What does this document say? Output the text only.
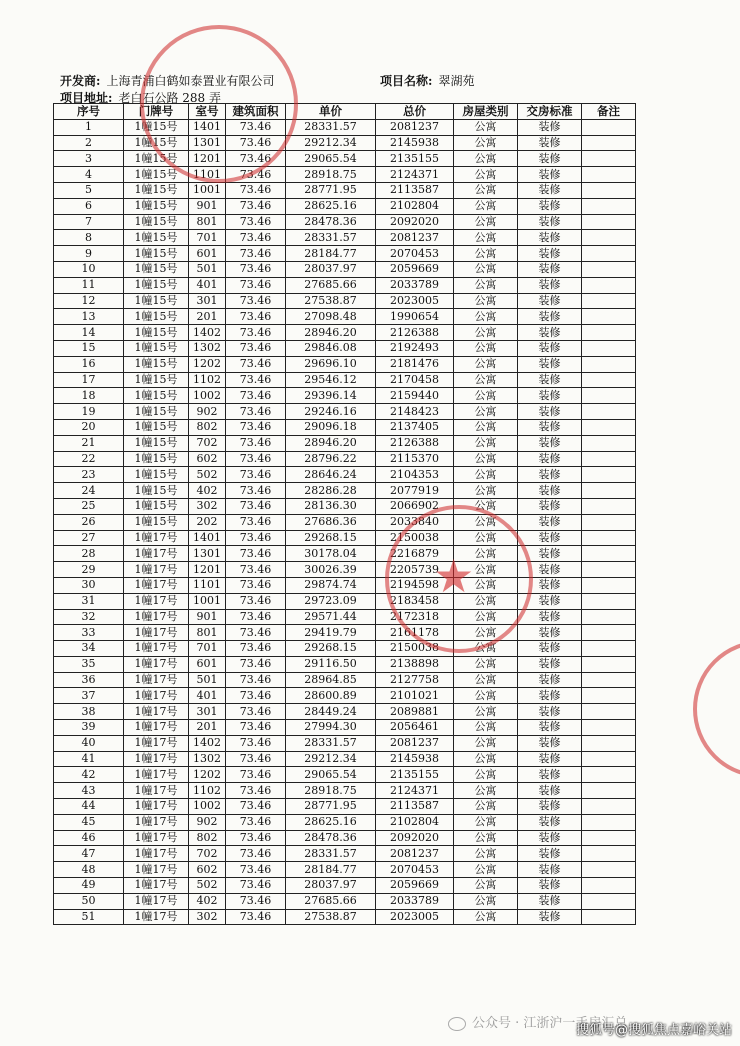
开发商: 上海青浦白鹤如泰置业有限公司	项目名称: 翠湖苑
项目地址: 老白石公路 288 弄
序号	门牌号	室号	建筑面积	单价	总价	房屋类别	交房标准	备注
1	1幢15号	1401	73.46	28331.57	2081237	公寓	装修	
2	1幢15号	1301	73.46	29212.34	2145938	公寓	装修	
3	1幢15号	1201	73.46	29065.54	2135155	公寓	装修	
4	1幢15号	1101	73.46	28918.75	2124371	公寓	装修	
5	1幢15号	1001	73.46	28771.95	2113587	公寓	装修	
6	1幢15号	901	73.46	28625.16	2102804	公寓	装修	
7	1幢15号	801	73.46	28478.36	2092020	公寓	装修	
8	1幢15号	701	73.46	28331.57	2081237	公寓	装修	
9	1幢15号	601	73.46	28184.77	2070453	公寓	装修	
10	1幢15号	501	73.46	28037.97	2059669	公寓	装修	
11	1幢15号	401	73.46	27685.66	2033789	公寓	装修	
12	1幢15号	301	73.46	27538.87	2023005	公寓	装修	
13	1幢15号	201	73.46	27098.48	1990654	公寓	装修	
14	1幢15号	1402	73.46	28946.20	2126388	公寓	装修	
15	1幢15号	1302	73.46	29846.08	2192493	公寓	装修	
16	1幢15号	1202	73.46	29696.10	2181476	公寓	装修	
17	1幢15号	1102	73.46	29546.12	2170458	公寓	装修	
18	1幢15号	1002	73.46	29396.14	2159440	公寓	装修	
19	1幢15号	902	73.46	29246.16	2148423	公寓	装修	
20	1幢15号	802	73.46	29096.18	2137405	公寓	装修	
21	1幢15号	702	73.46	28946.20	2126388	公寓	装修	
22	1幢15号	602	73.46	28796.22	2115370	公寓	装修	
23	1幢15号	502	73.46	28646.24	2104353	公寓	装修	
24	1幢15号	402	73.46	28286.28	2077919	公寓	装修	
25	1幢15号	302	73.46	28136.30	2066902	公寓	装修	
26	1幢15号	202	73.46	27686.36	2033840	公寓	装修	
27	1幢17号	1401	73.46	29268.15	2150038	公寓	装修	
28	1幢17号	1301	73.46	30178.04	2216879	公寓	装修	
29	1幢17号	1201	73.46	30026.39	2205739	公寓	装修	
30	1幢17号	1101	73.46	29874.74	2194598	公寓	装修	
31	1幢17号	1001	73.46	29723.09	2183458	公寓	装修	
32	1幢17号	901	73.46	29571.44	2172318	公寓	装修	
33	1幢17号	801	73.46	29419.79	2161178	公寓	装修	
34	1幢17号	701	73.46	29268.15	2150038	公寓	装修	
35	1幢17号	601	73.46	29116.50	2138898	公寓	装修	
36	1幢17号	501	73.46	28964.85	2127758	公寓	装修	
37	1幢17号	401	73.46	28600.89	2101021	公寓	装修	
38	1幢17号	301	73.46	28449.24	2089881	公寓	装修	
39	1幢17号	201	73.46	27994.30	2056461	公寓	装修	
40	1幢17号	1402	73.46	28331.57	2081237	公寓	装修	
41	1幢17号	1302	73.46	29212.34	2145938	公寓	装修	
42	1幢17号	1202	73.46	29065.54	2135155	公寓	装修	
43	1幢17号	1102	73.46	28918.75	2124371	公寓	装修	
44	1幢17号	1002	73.46	28771.95	2113587	公寓	装修	
45	1幢17号	902	73.46	28625.16	2102804	公寓	装修	
46	1幢17号	802	73.46	28478.36	2092020	公寓	装修	
47	1幢17号	702	73.46	28331.57	2081237	公寓	装修	
48	1幢17号	602	73.46	28184.77	2070453	公寓	装修	
49	1幢17号	502	73.46	28037.97	2059669	公寓	装修	
50	1幢17号	402	73.46	27685.66	2033789	公寓	装修	
51	1幢17号	302	73.46	27538.87	2023005	公寓	装修	
★
公众号 · 江浙沪一手房汇总
搜狐号@搜狐焦点嘉峪关站
